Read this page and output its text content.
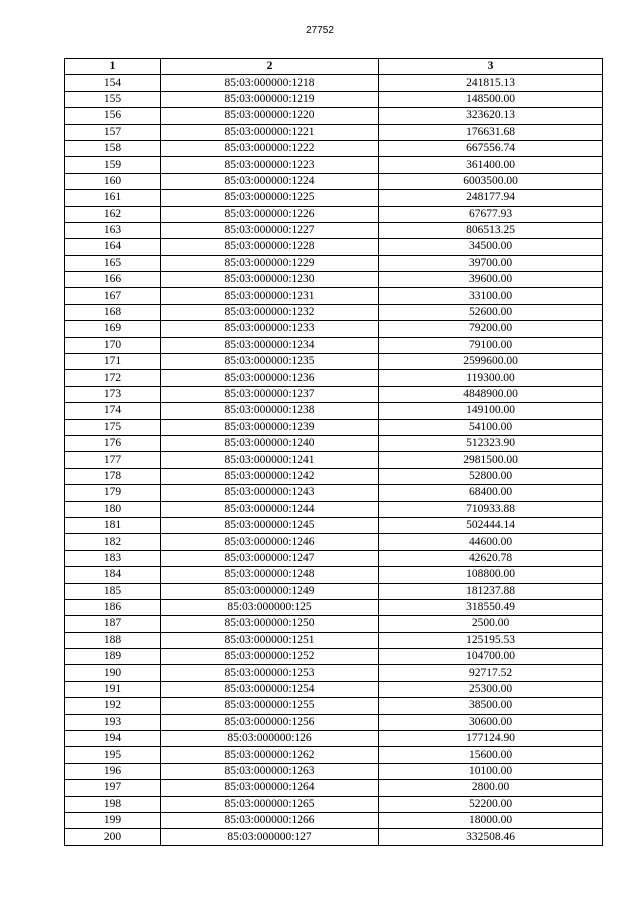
27752
1	2	3
154	85:03:000000:1218	241815.13
155	85:03:000000:1219	148500.00
156	85:03:000000:1220	323620.13
157	85:03:000000:1221	176631.68
158	85:03:000000:1222	667556.74
159	85:03:000000:1223	361400.00
160	85:03:000000:1224	6003500.00
161	85:03:000000:1225	248177.94
162	85:03:000000:1226	67677.93
163	85:03:000000:1227	806513.25
164	85:03:000000:1228	34500.00
165	85:03:000000:1229	39700.00
166	85:03:000000:1230	39600.00
167	85:03:000000:1231	33100.00
168	85:03:000000:1232	52600.00
169	85:03:000000:1233	79200.00
170	85:03:000000:1234	79100.00
171	85:03:000000:1235	2599600.00
172	85:03:000000:1236	119300.00
173	85:03:000000:1237	4848900.00
174	85:03:000000:1238	149100.00
175	85:03:000000:1239	54100.00
176	85:03:000000:1240	512323.90
177	85:03:000000:1241	2981500.00
178	85:03:000000:1242	52800.00
179	85:03:000000:1243	68400.00
180	85:03:000000:1244	710933.88
181	85:03:000000:1245	502444.14
182	85:03:000000:1246	44600.00
183	85:03:000000:1247	42620.78
184	85:03:000000:1248	108800.00
185	85:03:000000:1249	181237.88
186	85:03:000000:125	318550.49
187	85:03:000000:1250	2500.00
188	85:03:000000:1251	125195.53
189	85:03:000000:1252	104700.00
190	85:03:000000:1253	92717.52
191	85:03:000000:1254	25300.00
192	85:03:000000:1255	38500.00
193	85:03:000000:1256	30600.00
194	85:03:000000:126	177124.90
195	85:03:000000:1262	15600.00
196	85:03:000000:1263	10100.00
197	85:03:000000:1264	2800.00
198	85:03:000000:1265	52200.00
199	85:03:000000:1266	18000.00
200	85:03:000000:127	332508.46
